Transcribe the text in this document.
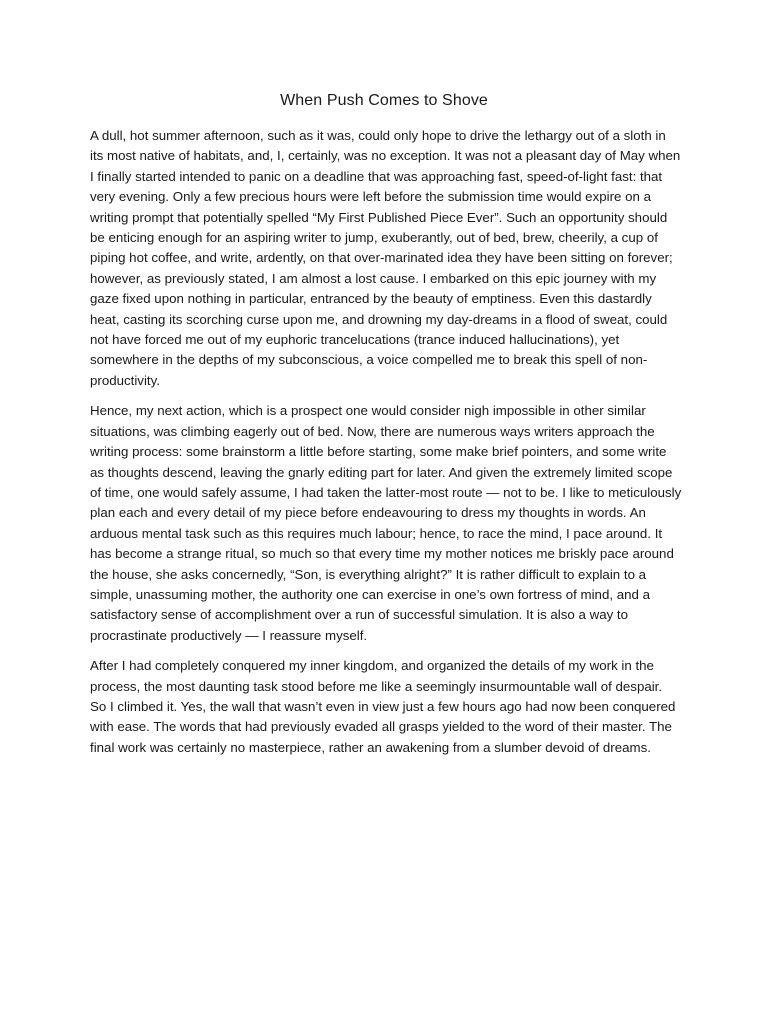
When Push Comes to Shove

A dull, hot summer afternoon, such as it was, could only hope to drive the lethargy out of a sloth in its most native of habitats, and, I, certainly, was no exception. It was not a pleasant day of May when I finally started intended to panic on a deadline that was approaching fast, speed-of-light fast: that very evening. Only a few precious hours were left before the submission time would expire on a writing prompt that potentially spelled “My First Published Piece Ever”. Such an opportunity should be enticing enough for an aspiring writer to jump, exuberantly, out of bed, brew, cheerily, a cup of piping hot coffee, and write, ardently, on that over-marinated idea they have been sitting on forever; however, as previously stated, I am almost a lost cause. I embarked on this epic journey with my gaze fixed upon nothing in particular, entranced by the beauty of emptiness. Even this dastardly heat, casting its scorching curse upon me, and drowning my day-dreams in a flood of sweat, could not have forced me out of my euphoric trancelucations (trance induced hallucinations), yet somewhere in the depths of my subconscious, a voice compelled me to break this spell of non-productivity.

Hence, my next action, which is a prospect one would consider nigh impossible in other similar situations, was climbing eagerly out of bed. Now, there are numerous ways writers approach the writing process: some brainstorm a little before starting, some make brief pointers, and some write as thoughts descend, leaving the gnarly editing part for later. And given the extremely limited scope of time, one would safely assume, I had taken the latter-most route — not to be. I like to meticulously plan each and every detail of my piece before endeavouring to dress my thoughts in words. An arduous mental task such as this requires much labour; hence, to race the mind, I pace around. It has become a strange ritual, so much so that every time my mother notices me briskly pace around the house, she asks concernedly, “Son, is everything alright?” It is rather difficult to explain to a simple, unassuming mother, the authority one can exercise in one’s own fortress of mind, and a satisfactory sense of accomplishment over a run of successful simulation. It is also a way to procrastinate productively — I reassure myself.

After I had completely conquered my inner kingdom, and organized the details of my work in the process, the most daunting task stood before me like a seemingly insurmountable wall of despair. So I climbed it. Yes, the wall that wasn’t even in view just a few hours ago had now been conquered with ease. The words that had previously evaded all grasps yielded to the word of their master. The final work was certainly no masterpiece, rather an awakening from a slumber devoid of dreams.
